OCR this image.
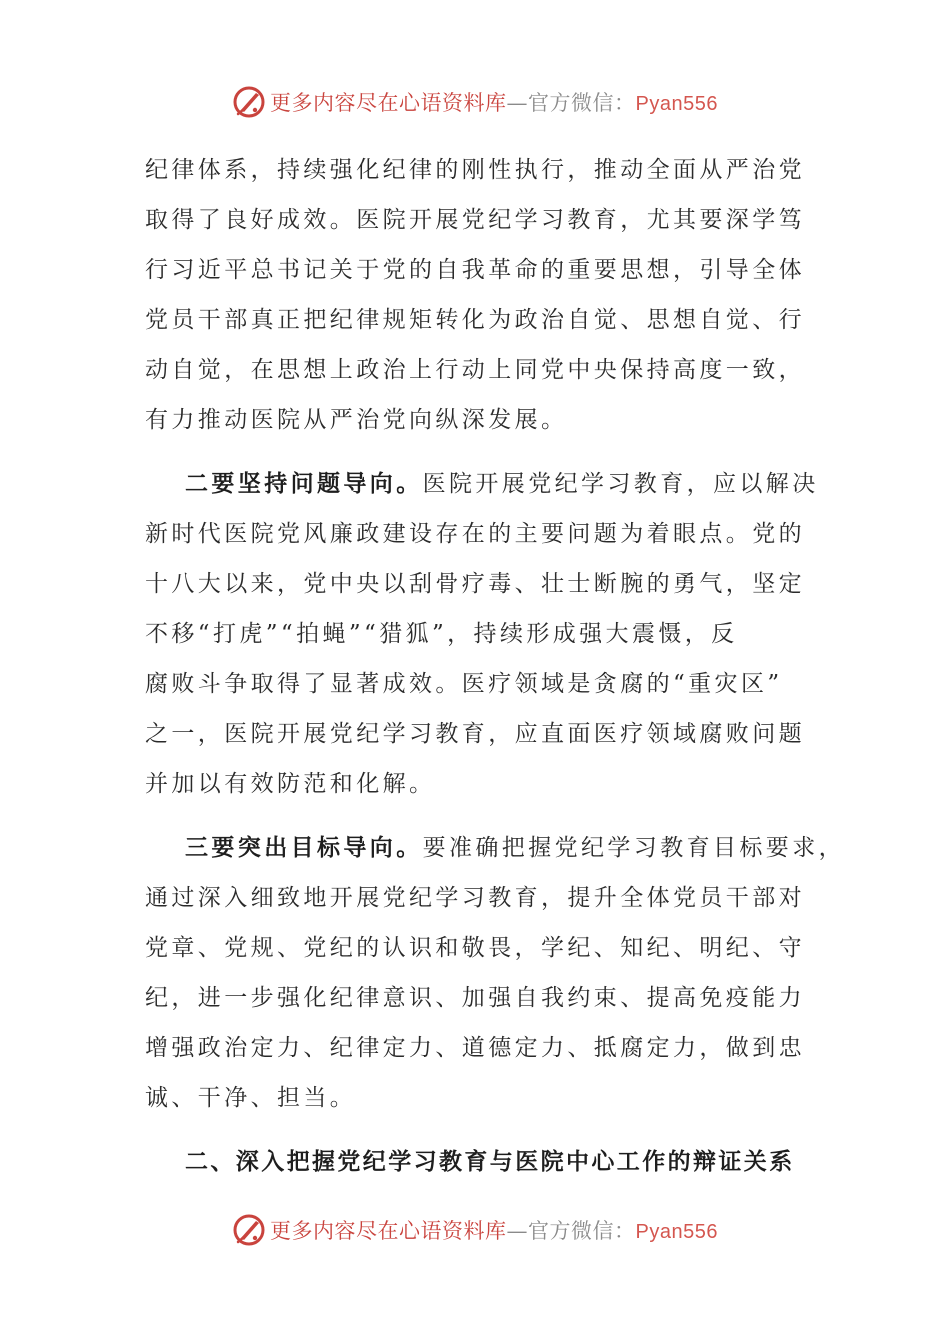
更多内容尽在心语资料库—官方微信：Pyan556
纪律体系，持续强化纪律的刚性执行，推动全面从严治党
取得了良好成效。医院开展党纪学习教育，尤其要深学笃
行习近平总书记关于党的自我革命的重要思想，引导全体
党员干部真正把纪律规矩转化为政治自觉、思想自觉、行
动自觉，在思想上政治上行动上同党中央保持高度一致，
有力推动医院从严治党向纵深发展。
二要坚持问题导向。医院开展党纪学习教育，应以解决
新时代医院党风廉政建设存在的主要问题为着眼点。党的
十八大以来，党中央以刮骨疗毒、壮士断腕的勇气，坚定
不移“打虎”“拍蝇”“猎狐”，持续形成强大震慑，反
腐败斗争取得了显著成效。医疗领域是贪腐的“重灾区”
之一，医院开展党纪学习教育，应直面医疗领域腐败问题
并加以有效防范和化解。
三要突出目标导向。要准确把握党纪学习教育目标要求，
通过深入细致地开展党纪学习教育，提升全体党员干部对
党章、党规、党纪的认识和敬畏，学纪、知纪、明纪、守
纪，进一步强化纪律意识、加强自我约束、提高免疫能力
增强政治定力、纪律定力、道德定力、抵腐定力，做到忠
诚、干净、担当。
二、深入把握党纪学习教育与医院中心工作的辩证关系
更多内容尽在心语资料库—官方微信：Pyan556
